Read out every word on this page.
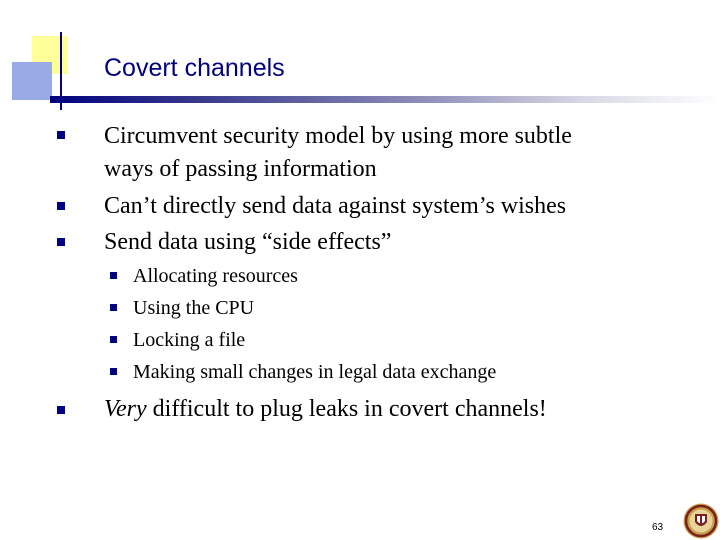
Covert channels
Circumvent security model by using more subtle
ways of passing information
Can’t directly send data against system’s wishes
Send data using “side effects”
Allocating resources
Using the CPU
Locking a file
Making small changes in legal data exchange
Very difficult to plug leaks in covert channels!
63
